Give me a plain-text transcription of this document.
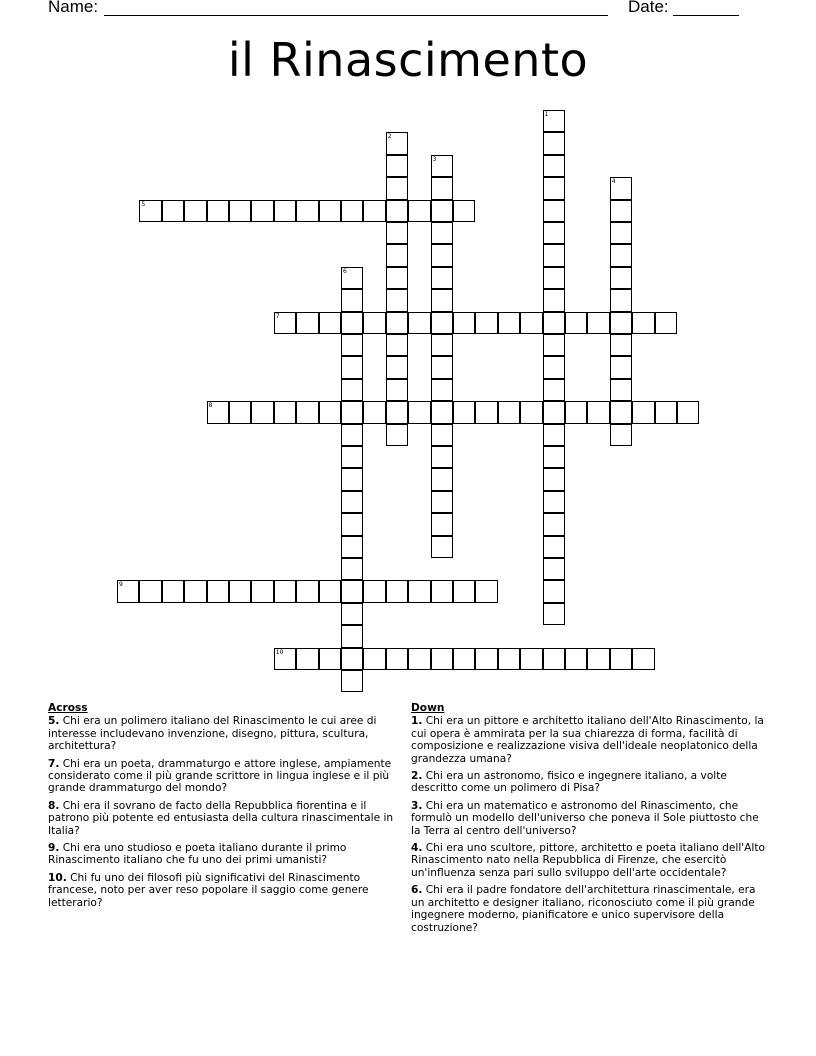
Name:	Date:
il Rinascimento
1
2
3
4
5
6
7
8
9
10
Across
5. Chi era un polimero italiano del Rinascimento le cui aree di interesse includevano invenzione, disegno, pittura, scultura, architettura?
7. Chi era un poeta, drammaturgo e attore inglese, ampiamente considerato come il più grande scrittore in lingua inglese e il più grande drammaturgo del mondo?
8. Chi era il sovrano de facto della Repubblica fiorentina e il patrono più potente ed entusiasta della cultura rinascimentale in Italia?
9. Chi era uno studioso e poeta italiano durante il primo Rinascimento italiano che fu uno dei primi umanisti?
10. Chi fu uno dei filosofi più significativi del Rinascimento francese, noto per aver reso popolare il saggio come genere letterario?
Down
1. Chi era un pittore e architetto italiano dell'Alto Rinascimento, la cui opera è ammirata per la sua chiarezza di forma, facilità di composizione e realizzazione visiva dell'ideale neoplatonico della grandezza umana?
2. Chi era un astronomo, fisico e ingegnere italiano, a volte descritto come un polimero di Pisa?
3. Chi era un matematico e astronomo del Rinascimento, che formulò un modello dell'universo che poneva il Sole piuttosto che la Terra al centro dell'universo?
4. Chi era uno scultore, pittore, architetto e poeta italiano dell'Alto Rinascimento nato nella Repubblica di Firenze, che esercitò un'influenza senza pari sullo sviluppo dell'arte occidentale?
6. Chi era il padre fondatore dell'architettura rinascimentale, era un architetto e designer italiano, riconosciuto come il più grande ingegnere moderno, pianificatore e unico supervisore della costruzione?
